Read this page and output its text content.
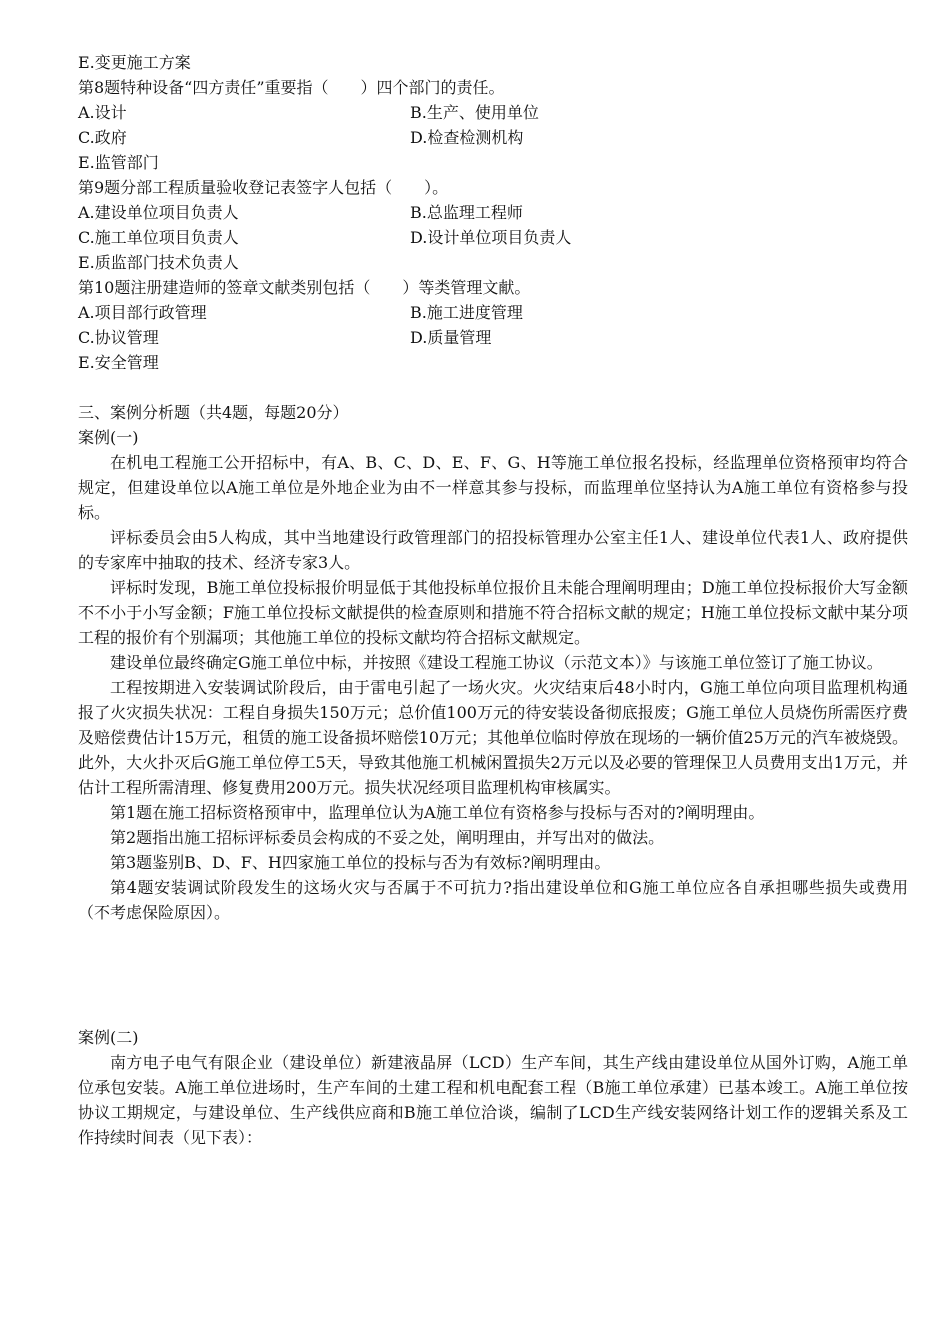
E.变更施工方案
第8题特种设备“四方责任”重要指（　　）四个部门的责任。
A.设计	B.生产、使用单位
C.政府	D.检查检测机构
E.监管部门
第9题分部工程质量验收登记表签字人包括（　　）。
A.建设单位项目负责人	B.总监理工程师
C.施工单位项目负责人	D.设计单位项目负责人
E.质监部门技术负责人
第10题注册建造师的签章文献类别包括（　　）等类管理文献。
A.项目部行政管理	B.施工进度管理
C.协议管理	D.质量管理
E.安全管理
三、案例分析题（共4题，每题20分）
案例(一)

在机电工程施工公开招标中，有A、B、C、D、E、F、G、H等施工单位报名投标，经监理单位资格预审均符合规定，但建设单位以A施工单位是外地企业为由不一样意其参与投标，而监理单位坚持认为A施工单位有资格参与投标。

评标委员会由5人构成，其中当地建设行政管理部门的招投标管理办公室主任1人、建设单位代表1人、政府提供的专家库中抽取的技术、经济专家3人。

评标时发现，B施工单位投标报价明显低于其他投标单位报价且未能合理阐明理由；D施工单位投标报价大写金额不不小于小写金额；F施工单位投标文献提供的检查原则和措施不符合招标文献的规定；H施工单位投标文献中某分项工程的报价有个别漏项；其他施工单位的投标文献均符合招标文献规定。

建设单位最终确定G施工单位中标，并按照《建设工程施工协议（示范文本）》与该施工单位签订了施工协议。

工程按期进入安装调试阶段后，由于雷电引起了一场火灾。火灾结束后48小时内，G施工单位向项目监理机构通报了火灾损失状况：工程自身损失150万元；总价值100万元的待安装设备彻底报废；G施工单位人员烧伤所需医疗费及赔偿费估计15万元，租赁的施工设备损坏赔偿10万元；其他单位临时停放在现场的一辆价值25万元的汽车被烧毁。此外，大火扑灭后G施工单位停工5天，导致其他施工机械闲置损失2万元以及必要的管理保卫人员费用支出1万元，并估计工程所需清理、修复费用200万元。损失状况经项目监理机构审核属实。

第1题在施工招标资格预审中，监理单位认为A施工单位有资格参与投标与否对的?阐明理由。

第2题指出施工招标评标委员会构成的不妥之处，阐明理由，并写出对的做法。

第3题鉴别B、D、F、H四家施工单位的投标与否为有效标?阐明理由。

第4题安装调试阶段发生的这场火灾与否属于不可抗力?指出建设单位和G施工单位应各自承担哪些损失或费用（不考虑保险原因）。

案例(二)

南方电子电气有限企业（建设单位）新建液晶屏（LCD）生产车间，其生产线由建设单位从国外订购，A施工单位承包安装。A施工单位进场时，生产车间的土建工程和机电配套工程（B施工单位承建）已基本竣工。A施工单位按协议工期规定，与建设单位、生产线供应商和B施工单位洽谈，编制了LCD生产线安装网络计划工作的逻辑关系及工作持续时间表（见下表）：
